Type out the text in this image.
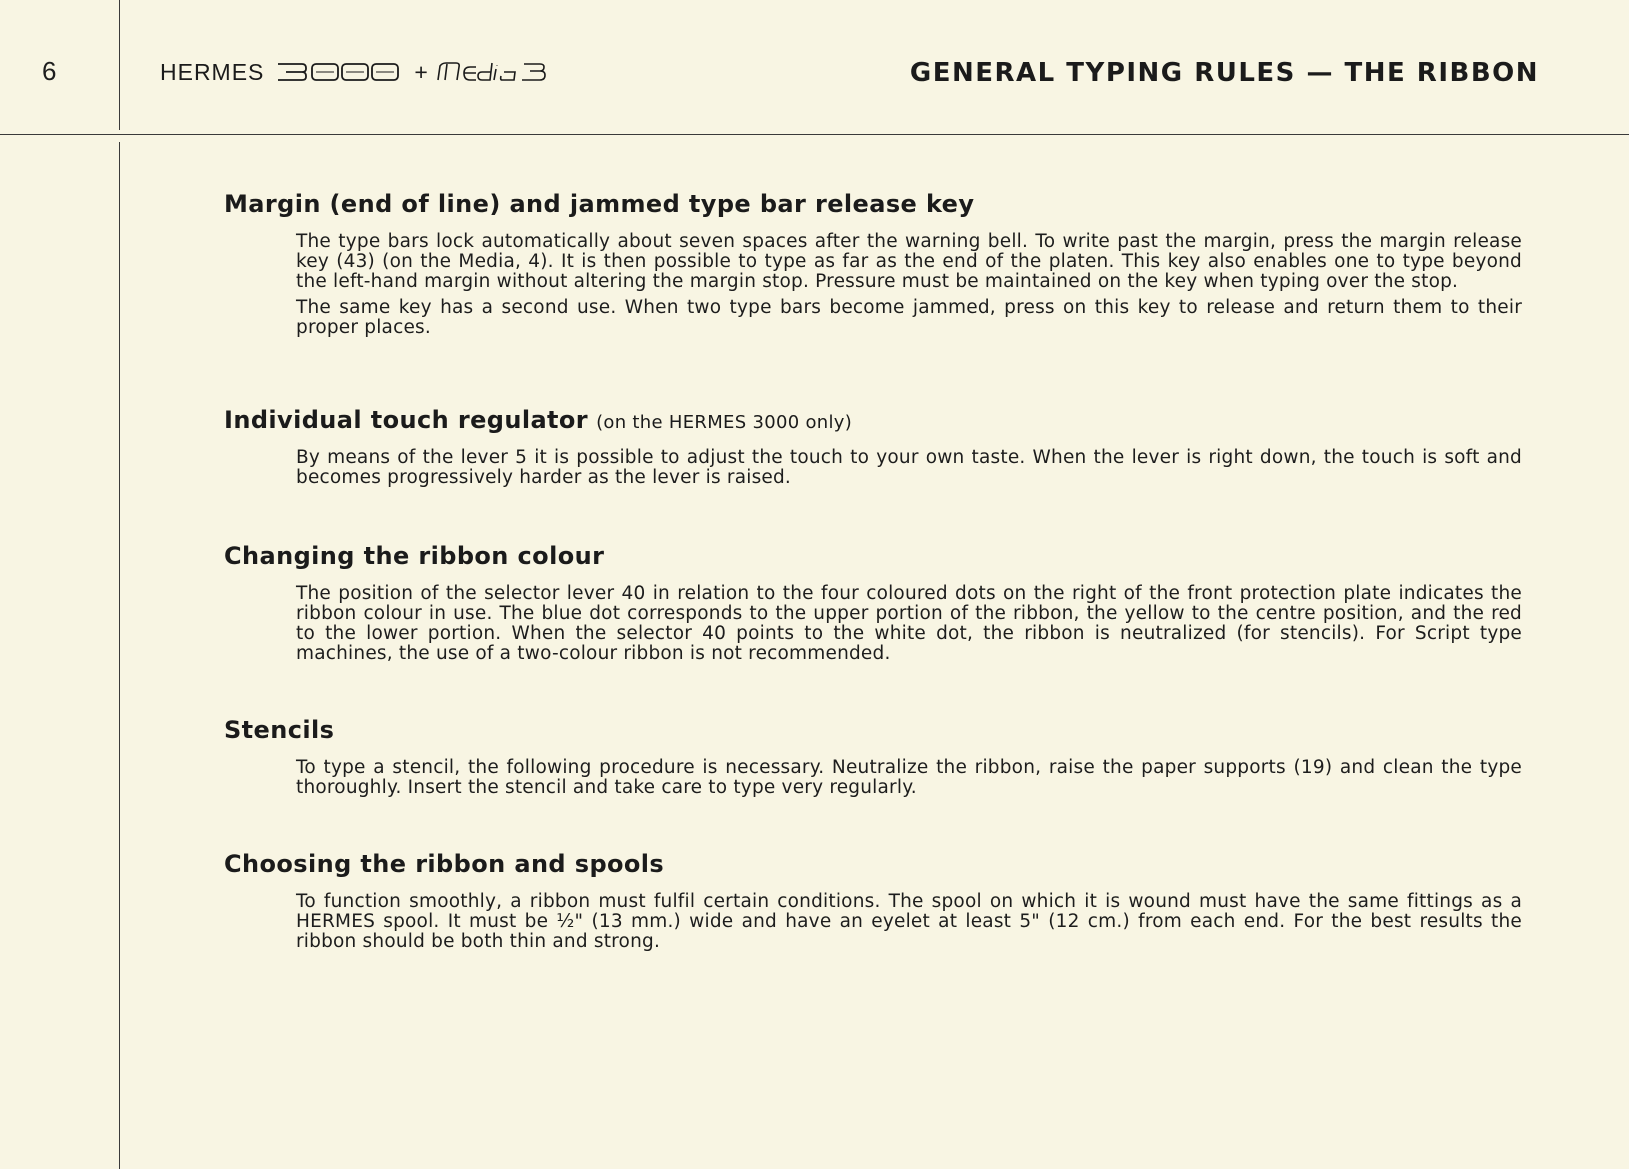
6	HERMES	+	GENERAL TYPING RULES — THE RIBBON
Margin (end of line) and jammed type bar release key

The type bars lock automatically about seven spaces after the warning bell. To write past the margin, press the margin release key (43) (on the Media, 4). It is then possible to type as far as the end of the platen. This key also enables one to type beyond the left-hand margin without altering the margin stop. Pressure must be maintained on the key when typing over the stop.

The same key has a second use. When two type bars become jammed, press on this key to release and return them to their proper places.

Individual touch regulator (on the HERMES 3000 only)

By means of the lever 5 it is possible to adjust the touch to your own taste. When the lever is right down, the touch is soft and becomes progressively harder as the lever is raised.

Changing the ribbon colour

The position of the selector lever 40 in relation to the four coloured dots on the right of the front protection plate indicates the ribbon colour in use. The blue dot corresponds to the upper portion of the ribbon, the yellow to the centre position, and the red to the lower portion. When the selector 40 points to the white dot, the ribbon is neutralized (for stencils). For Script type machines, the use of a two-colour ribbon is not recommended.

Stencils

To type a stencil, the following procedure is necessary. Neutralize the ribbon, raise the paper supports (19) and clean the type thoroughly. Insert the stencil and take care to type very regularly.

Choosing the ribbon and spools

To function smoothly, a ribbon must fulfil certain conditions. The spool on which it is wound must have the same fittings as a HERMES spool. It must be ½" (13 mm.) wide and have an eyelet at least 5" (12 cm.) from each end. For the best results the ribbon should be both thin and strong.
